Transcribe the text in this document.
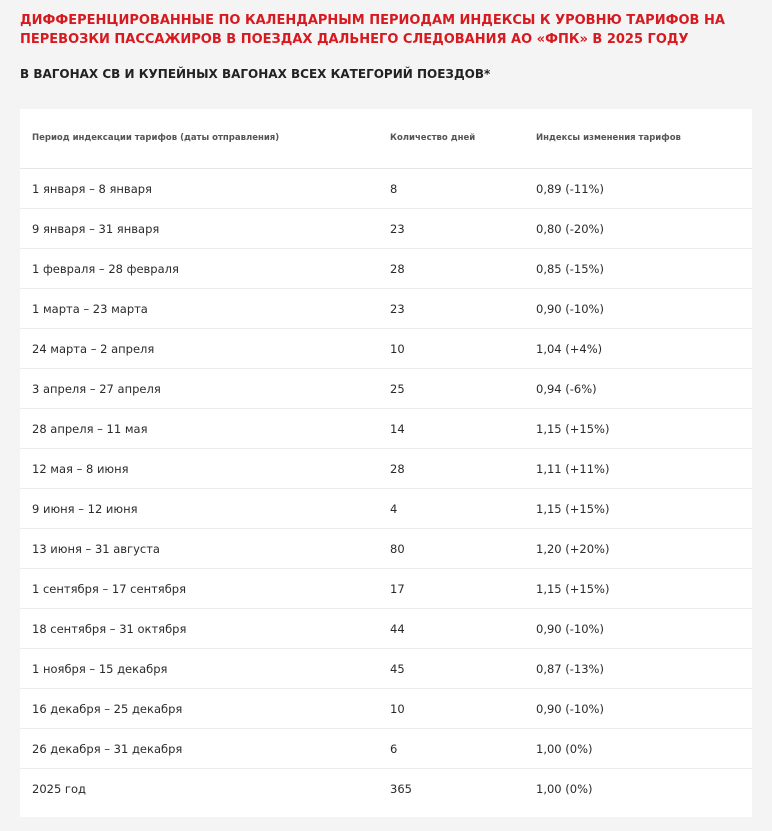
ДИФФЕРЕНЦИРОВАННЫЕ ПО КАЛЕНДАРНЫМ ПЕРИОДАМ ИНДЕКСЫ К УРОВНЮ ТАРИФОВ НА ПЕРЕВОЗКИ ПАССАЖИРОВ В ПОЕЗДАХ ДАЛЬНЕГО СЛЕДОВАНИЯ АО «ФПК» В 2025 ГОДУ
В ВАГОНАХ СВ И КУПЕЙНЫХ ВАГОНАХ ВСЕХ КАТЕГОРИЙ ПОЕЗДОВ*
Период индексации тарифов (даты отправления)	Количество дней	Индексы изменения тарифов
1 января – 8 января	8	0,89 (-11%)
9 января – 31 января	23	0,80 (-20%)
1 февраля – 28 февраля	28	0,85 (-15%)
1 марта – 23 марта	23	0,90 (-10%)
24 марта – 2 апреля	10	1,04 (+4%)
3 апреля – 27 апреля	25	0,94 (-6%)
28 апреля – 11 мая	14	1,15 (+15%)
12 мая – 8 июня	28	1,11 (+11%)
9 июня – 12 июня	4	1,15 (+15%)
13 июня – 31 августа	80	1,20 (+20%)
1 сентября – 17 сентября	17	1,15 (+15%)
18 сентября – 31 октября	44	0,90 (-10%)
1 ноября – 15 декабря	45	0,87 (-13%)
16 декабря – 25 декабря	10	0,90 (-10%)
26 декабря – 31 декабря	6	1,00 (0%)
2025 год	365	1,00 (0%)
